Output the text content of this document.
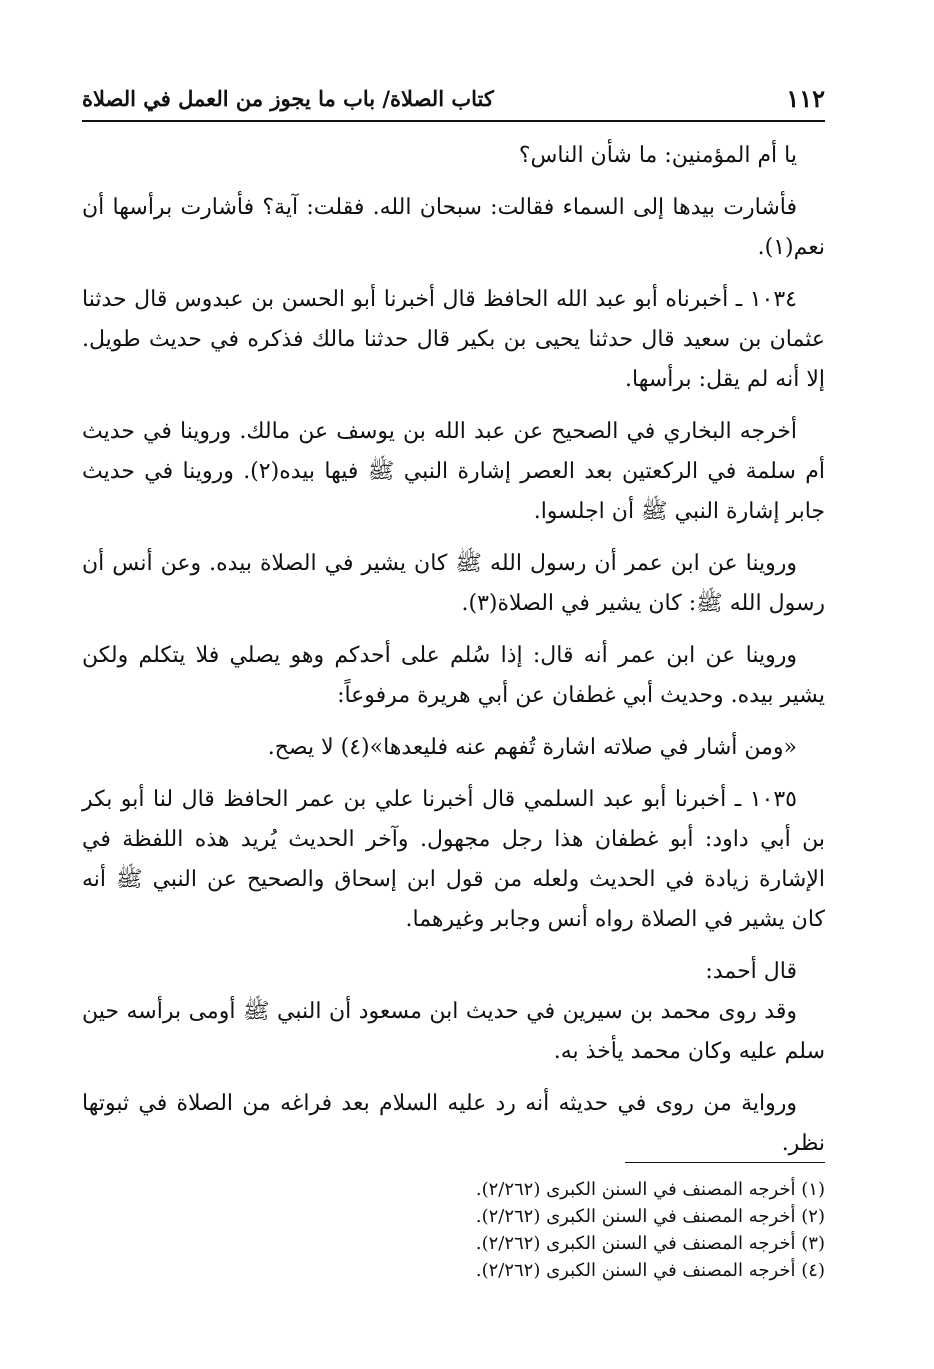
١١٢
كتاب الصلاة/ باب ما يجوز من العمل في الصلاة

يا أم المؤمنين: ما شأن الناس؟

فأشارت بيدها إلى السماء فقالت: سبحان الله. فقلت: آية؟ فأشارت برأسها أن نعم(١).

١٠٣٤ ـ أخبرناه أبو عبد الله الحافظ قال أخبرنا أبو الحسن بن عبدوس قال حدثنا عثمان بن سعيد قال حدثنا يحيى بن بكير قال حدثنا مالك فذكره في حديث طويل. إلا أنه لم يقل: برأسها.

أخرجه البخاري في الصحيح عن عبد الله بن يوسف عن مالك. وروينا في حديث أم سلمة في الركعتين بعد العصر إشارة النبي ﷺ فيها بيده(٢). وروينا في حديث جابر إشارة النبي ﷺ أن اجلسوا.

وروينا عن ابن عمر أن رسول الله ﷺ كان يشير في الصلاة بيده. وعن أنس أن رسول الله ﷺ: كان يشير في الصلاة(٣).

وروينا عن ابن عمر أنه قال: إذا سُلم على أحدكم وهو يصلي فلا يتكلم ولكن يشير بيده. وحديث أبي غطفان عن أبي هريرة مرفوعاً:

«ومن أشار في صلاته اشارة تُفهم عنه فليعدها»(٤) لا يصح.

١٠٣٥ ـ أخبرنا أبو عبد السلمي قال أخبرنا علي بن عمر الحافظ قال لنا أبو بكر بن أبي داود: أبو غطفان هذا رجل مجهول. وآخر الحديث يُريد هذه اللفظة في الإشارة زيادة في الحديث ولعله من قول ابن إسحاق والصحيح عن النبي ﷺ أنه كان يشير في الصلاة رواه أنس وجابر وغيرهما.

قال أحمد:

وقد روى محمد بن سيرين في حديث ابن مسعود أن النبي ﷺ أومى برأسه حين سلم عليه وكان محمد يأخذ به.

ورواية من روى في حديثه أنه رد عليه السلام بعد فراغه من الصلاة في ثبوتها نظر.

(١) أخرجه المصنف في السنن الكبرى (٢/٢٦٢).

(٢) أخرجه المصنف في السنن الكبرى (٢/٢٦٢).

(٣) أخرجه المصنف في السنن الكبرى (٢/٢٦٢).

(٤) أخرجه المصنف في السنن الكبرى (٢/٢٦٢).
